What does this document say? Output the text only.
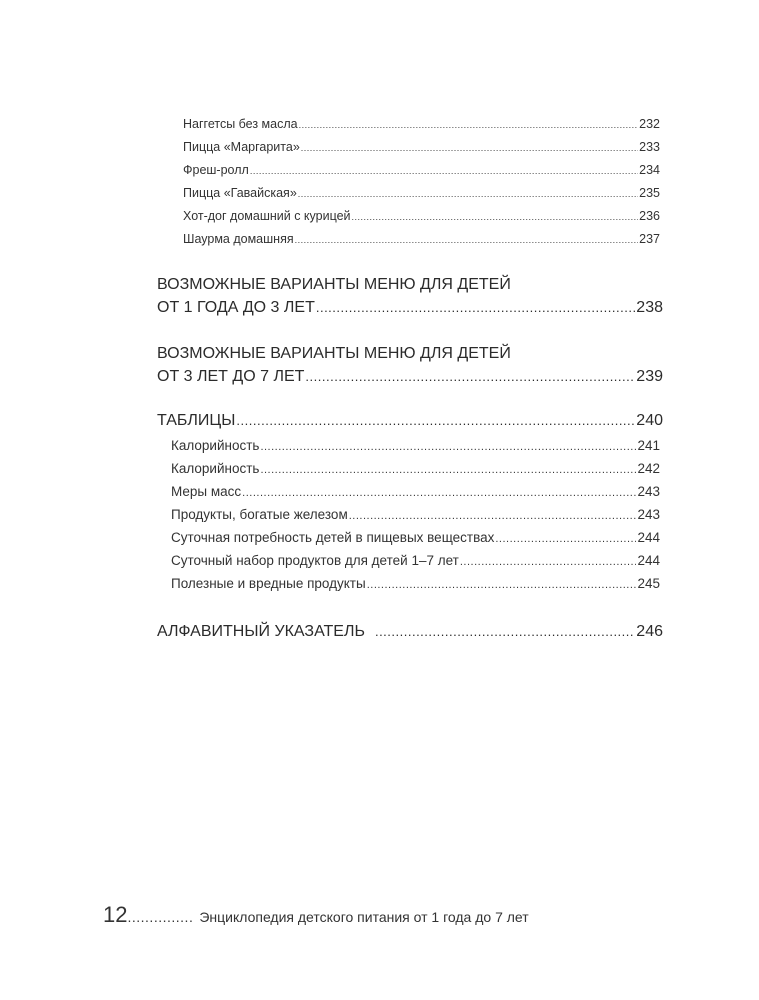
Наггетсы без масла .....	232
Пицца «Маргарита» .....	233
Фреш-ролл .....	234
Пицца «Гавайская» .....	235
Хот-дог домашний с курицей .....	236
Шаурма домашняя .....	237
ВОЗМОЖНЫЕ ВАРИАНТЫ МЕНЮ ДЛЯ ДЕТЕЙ
ОТ 1 ГОДА ДО 3 ЛЕТ .....	238
ВОЗМОЖНЫЕ ВАРИАНТЫ МЕНЮ ДЛЯ ДЕТЕЙ
ОТ 3 ЛЕТ ДО 7 ЛЕТ .....	239
ТАБЛИЦЫ .....	240
Калорийность .....	241
Калорийность .....	242
Меры масс .....	243
Продукты, богатые железом .....	243
Суточная потребность детей в пищевых веществах .....	244
Суточный набор продуктов для детей 1–7 лет .....	244
Полезные и вредные продукты .....	245
АЛФАВИТНЫЙ УКАЗАТЕЛЬ .....	246
12 ............... Энциклопедия детского питания от 1 года до 7 лет
